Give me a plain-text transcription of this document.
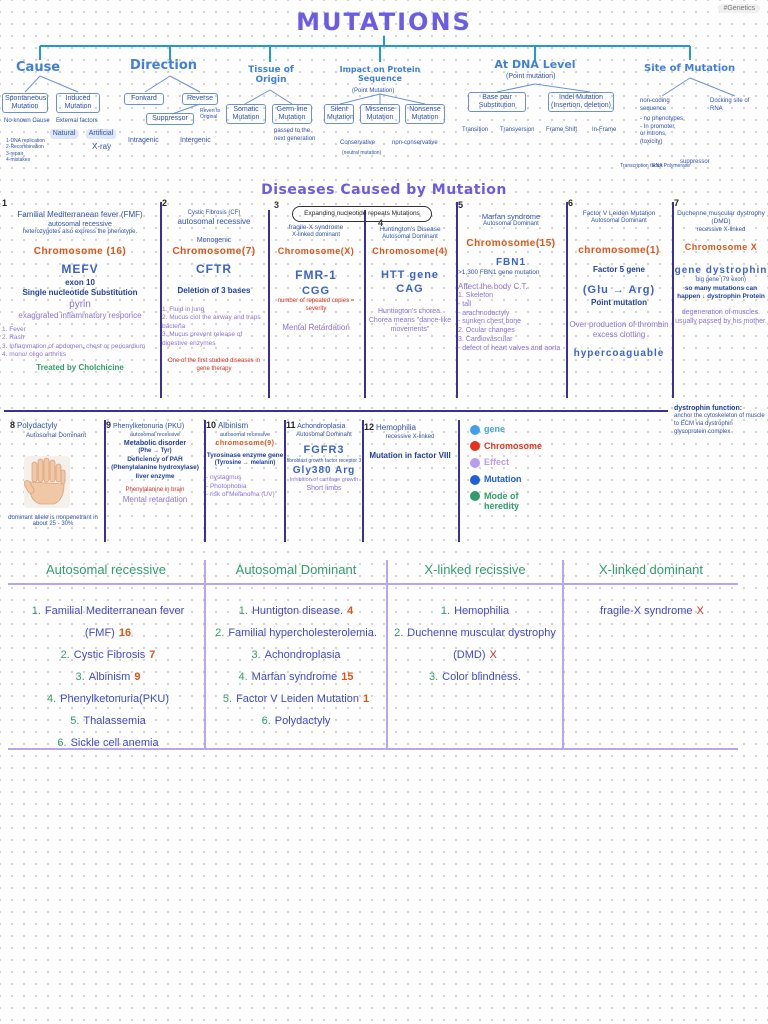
#Genetics
MUTATIONS
Cause
Spontaneous Mutation
Induced Mutation
No known Cause External factors
Natural	Artificial
X-ray
1-DNA replication
2-Recombination
3-repair
4-mistakes
Direction
Forward	Reverse
Suppressor
Revert to Original
Intragenic	Intergenic
Tissue of Origin
Somatic Mutation
Germ-line Mutation
passed to the next generation
Impact on Protein Sequence
(Point Mutation)
Silent Mutation
Missense Mutation
Nonsense Mutation
Conservative	non-conservative
(neutral mutation)
At DNA Level
(Point mutation)
Base pair Substitution
Indel Mutation
(Insertion, deletion)
Transition Transversion Frame Shift In-Frame
Site of Mutation
non-coding sequence
- no phenotypes
- In promoter,
or introns,
(toxicity)
Docking site of RNA
Transcription factor
RNA Polymerase
suppressor
Diseases Caused by Mutation
1
Familial Mediterranean fever (FMF)
autosomal recessive
heterozygotes also express the phenotype.
Chromosome (16)
MEFV
exon 10
Single nucleotide Substitution
pyrin
exaggrated inflammatory responce
1. Fever
2. Rash
3. Inflammation of abdomen, chest or pericardium
4. mono/ oligo arthritis
Treated by Cholchicine
2
Cystic Fibrosis (CF)
autosomal recessive
Monogenic
Chromosome(7)
CFTR
Deletion of 3 bases
1. Fluid in lung
2. Mucus clot the airway and traps bacteria
3. Mucus prevent release of digestive enzymes
One of the first studied diseases in gene therapy
3
Expanding nucleotide repeats Mutations
fragile-X syndrome
X-linked dominant
Chromosome(X)
FMR-1
CGG
number of repeated copies = severity
Mental Retardation
4
Huntington's Disease
Autosomal Dominant
Chromosome(4)
HTT gene
CAG
Huntington's chorea. Chorea means "dance-like movements"
5
Marfan syndrome
Autosomal Dominant
Chromosome(15)
FBN1
>1,300 FBN1 gene mutation
Affect the body C.T.
1. Skeleton
- tall
- arachnodactyly
- sunken chest bone
2. Ocular changes
3. Cardiovascular
- defect of heart valves and aorta
6
Factor V Leiden Mutation
Autosomal Dominant
chromosome(1)
Factor 5 gene
(Glu → Arg)
Point mutation
Over production of thrombin excess clotting
hypercoaguable
7
Duchenne muscular dystrophy (DMD)
recessive X-linked
Chromosome X
gene dystrophin
big gene (79 exon)
so many mutations can happen ↓ dystrophin Protein
degeneration of muscles. usually passed by his mother.
dystrophin function:
anchor the cytoskeleton of muscle to ECM via dystrophin glycoprotein complex
8 Polydactyly
Autosomal Dominant
dominant allele is nonpenetrant in about 25 - 30%
9 Phenylketonuria (PKU)
autosomal recessive
Metabolic disorder
(Phe → Tyr)
Deficiency of PAH (Phenylalanine hydroxylase)
liver enzyme
Phenylalanine in brain
Mental retardation
10 Albinism
autosomal recessive
chromosome(9)
Tyrosinase enzyme gene
(Tyrosine → melanin)
- nystagmus
- Photophobia
- risk of Melanoma (UV)
11 Achondroplasia
Autosomal Dominant
FGFR3
fibroblast growth factor receptor 3
Gly380 Arg
Inhibition of cartilage growth
Short limbs
12 Hemophilia
recessive X-linked
Mutation in factor VIII
gene
Chromosome
Effect
Mutation
Mode of heredity
Autosomal recessive	Autosomal Dominant	X-linked recissive	X-linked dominant
1. Familial Mediterranean fever (FMF) 16
2. Cystic Fibrosis 7
3. Albinism 9
4. Phenylketonuria(PKU)
5. Thalassemia
6. Sickle cell anemia
1. Huntigton disease. 4
2. Familial hypercholesterolemia.
3. Achondroplasia
4. Marfan syndrome 15
5. Factor V Leiden Mutation 1
6. Polydactyly
1. Hemophilia
2. Duchenne muscular dystrophy (DMD) X
3. Color blindness.
fragile-X syndrome X
